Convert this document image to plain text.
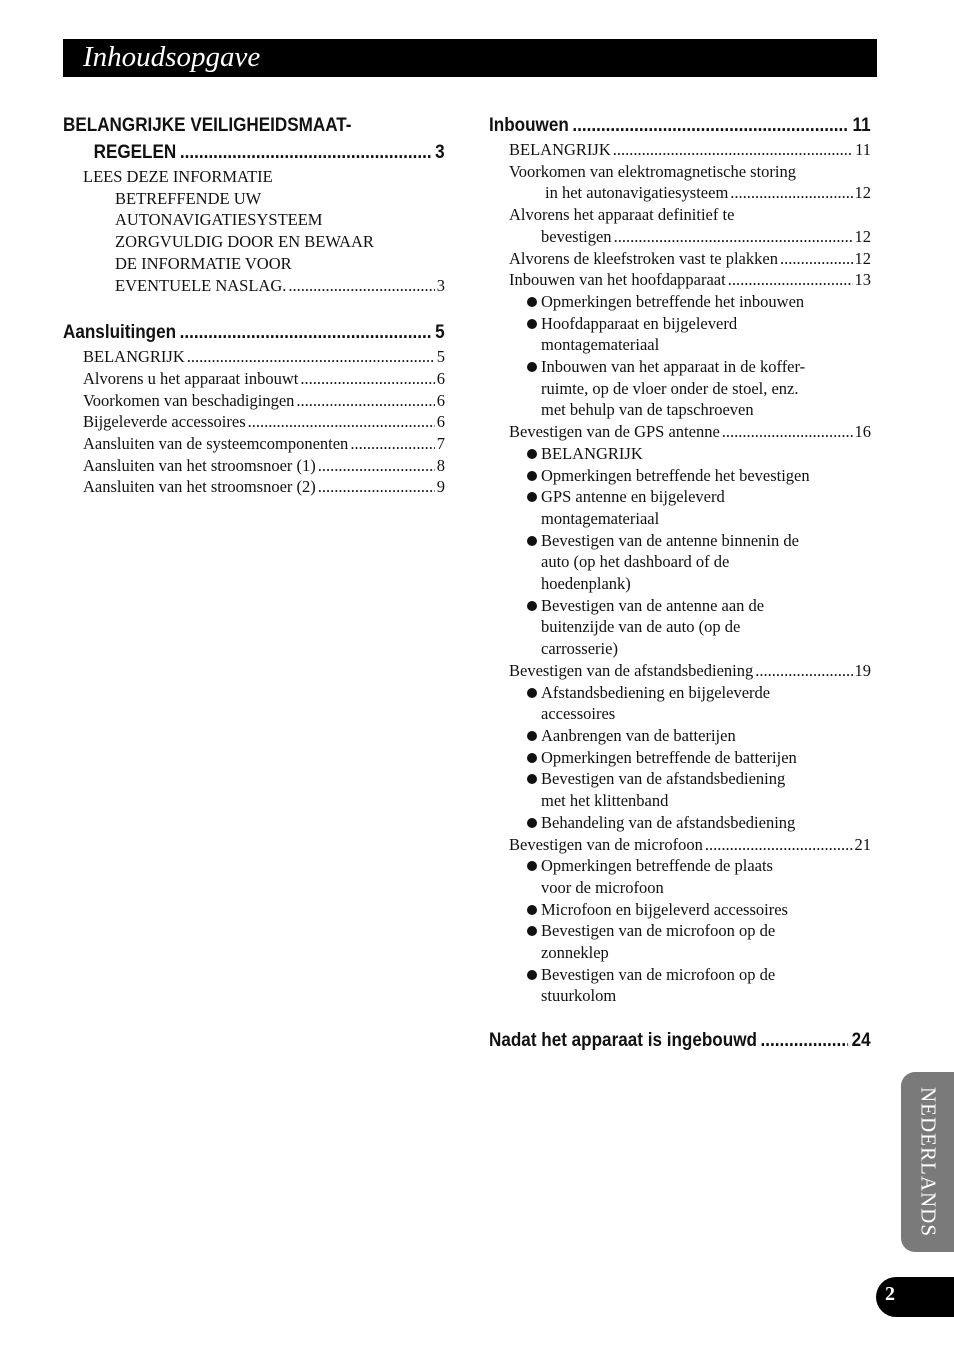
Inhoudsopgave
BELANGRIJKE VEILIGHEIDSMAAT-
REGELEN .....	3
LEES DEZE INFORMATIE
BETREFFENDE UW
AUTONAVIGATIESYSTEEM
ZORGVULDIG DOOR EN BEWAAR
DE INFORMATIE VOOR
EVENTUELE NASLAG. .....	3
Aansluitingen .....	5
BELANGRIJK .....	5
Alvorens u het apparaat inbouwt .....	6
Voorkomen van beschadigingen .....	6
Bijgeleverde accessoires .....	6
Aansluiten van de systeemcomponenten .....	7
Aansluiten van het stroomsnoer (1) .....	8
Aansluiten van het stroomsnoer (2) .....	9
Inbouwen .....	11
BELANGRIJK .....	11
Voorkomen van elektromagnetische storing
in het autonavigatiesysteem .....	12
Alvorens het apparaat definitief te
bevestigen .....	12
Alvorens de kleefstroken vast te plakken .....	12
Inbouwen van het hoofdapparaat .....	13
Opmerkingen betreffende het inbouwen
Hoofdapparaat en bijgeleverd
montagemateriaal
Inbouwen van het apparaat in de koffer-
ruimte, op de vloer onder de stoel, enz.
met behulp van de tapschroeven
Bevestigen van de GPS antenne .....	16
BELANGRIJK
Opmerkingen betreffende het bevestigen
GPS antenne en bijgeleverd
montagemateriaal
Bevestigen van de antenne binnenin de
auto (op het dashboard of de
hoedenplank)
Bevestigen van de antenne aan de
buitenzijde van de auto (op de
carrosserie)
Bevestigen van de afstandsbediening .....	19
Afstandsbediening en bijgeleverde
accessoires
Aanbrengen van de batterijen
Opmerkingen betreffende de batterijen
Bevestigen van de afstandsbediening
met het klittenband
Behandeling van de afstandsbediening
Bevestigen van de microfoon .....	21
Opmerkingen betreffende de plaats
voor de microfoon
Microfoon en bijgeleverd accessoires
Bevestigen van de microfoon op de
zonneklep
Bevestigen van de microfoon op de
stuurkolom
Nadat het apparaat is ingebouwd .....	24
NEDERLANDS
2
